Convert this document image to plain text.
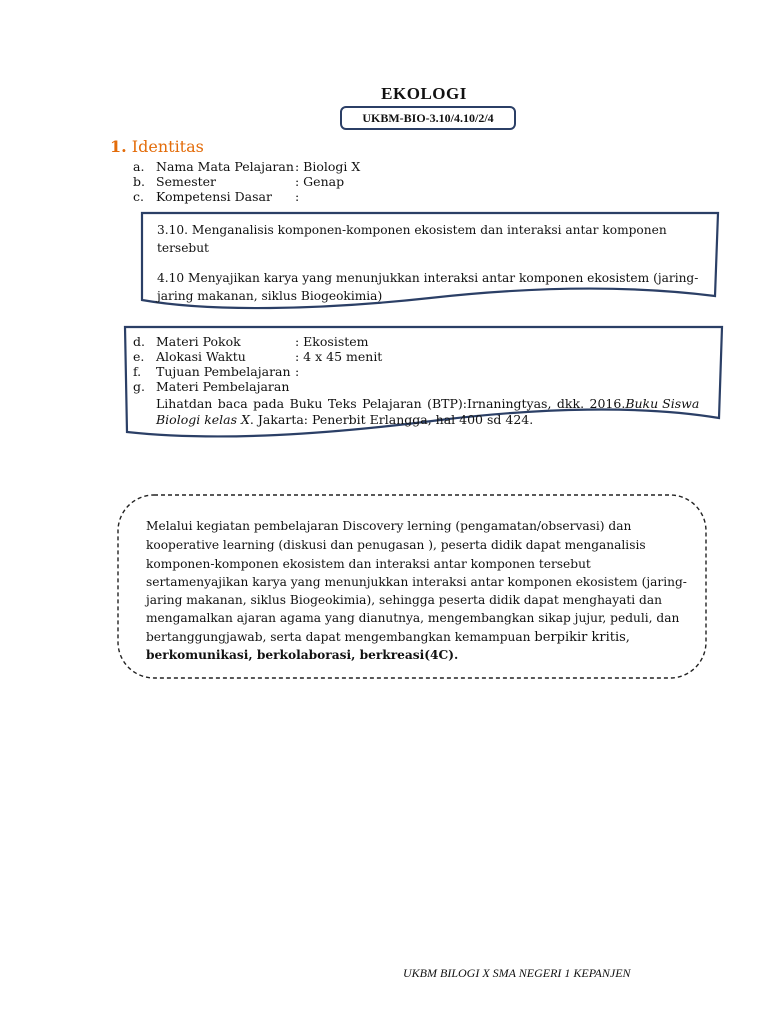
EKOLOGI
UKBM-BIO-3.10/4.10/2/4
1. Identitas
a. Nama Mata Pelajaran : Biologi X
b. Semester	: Genap
c. Kompetensi Dasar :
3.10. Menganalisis komponen-komponen ekosistem dan interaksi antar komponen
tersebut
4.10 Menyajikan karya yang menunjukkan interaksi antar komponen ekosistem (jaring-
jaring makanan, siklus Biogeokimia)
d. Materi Pokok	: Ekosistem
e. Alokasi Waktu	: 4 x 45 menit
f. Tujuan Pembelajaran :
g. Materi Pembelajaran
Lihatdan baca pada Buku Teks Pelajaran (BTP):Irnaningtyas, dkk. 2016. Buku Siswa
Biologi kelas X. Jakarta: Penerbit Erlangga, hal 400 sd 424.
Melalui kegiatan pembelajaran Discovery lerning (pengamatan/observasi) dan
kooperative learning (diskusi dan penugasan ), peserta didik dapat menganalisis
komponen-komponen ekosistem dan interaksi antar komponen tersebut
sertamenyajikan karya yang menunjukkan interaksi antar komponen ekosistem (jaring-
jaring makanan, siklus Biogeokimia), sehingga peserta didik dapat menghayati dan
mengamalkan ajaran agama yang dianutnya, mengembangkan sikap jujur, peduli, dan
bertanggungjawab, serta dapat mengembangkan kemampuan berpikir kritis,
berkomunikasi, berkolaborasi, berkreasi(4C).
UKBM BILOGI X SMA NEGERI 1 KEPANJEN
